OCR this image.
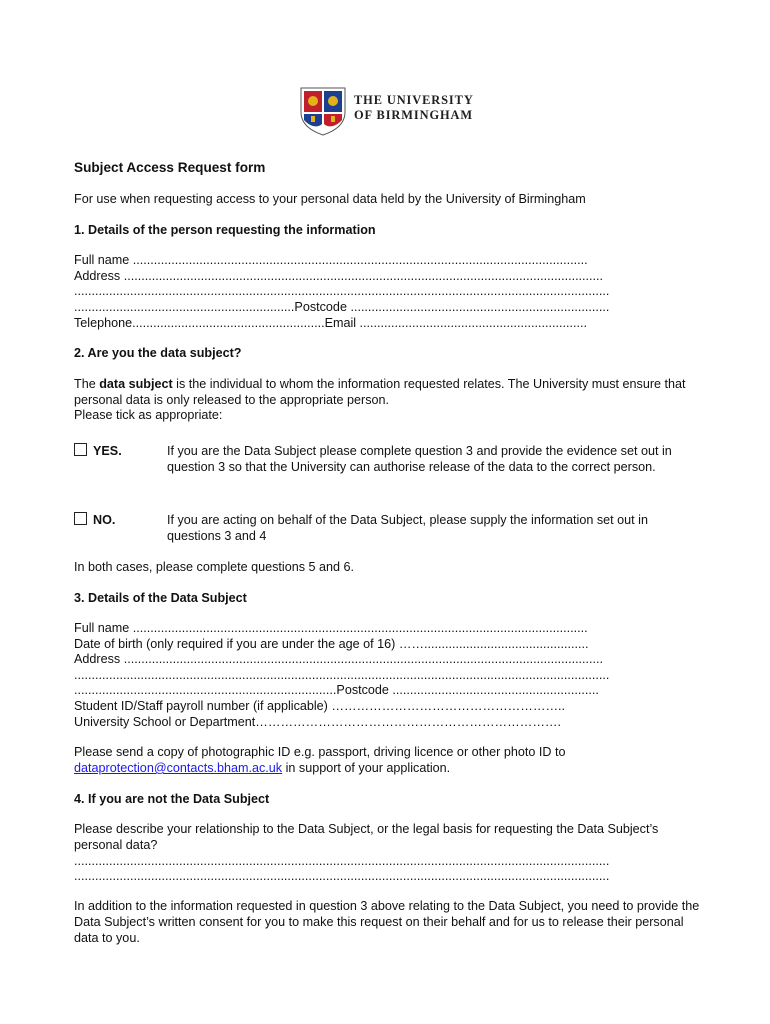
THE UNIVERSITY
OF BIRMINGHAM
Subject Access Request form
For use when requesting access to your personal data held by the University of Birmingham
1. Details of the person requesting the information
Full name ..................................................................................................................................
Address .........................................................................................................................................
.........................................................................................................................................................
...............................................................Postcode ..........................................................................
Telephone.......................................................Email .................................................................
2. Are you the data subject?
The data subject is the individual to whom the information requested relates. The University must ensure that personal data is only released to the appropriate person.
Please tick as appropriate:
YES.	If you are the Data Subject please complete question 3 and provide the evidence set out in question 3 so that the University can authorise release of the data to the correct person.
NO.	If you are acting on behalf of the Data Subject, please supply the information set out in questions 3 and 4
In both cases, please complete questions 5 and 6.
3. Details of the Data Subject
Full name ..................................................................................................................................
Date of birth (only required if you are under the age of 16) ……...............................................
Address .........................................................................................................................................
.........................................................................................................................................................
...........................................................................Postcode ...........................................................
Student ID/Staff payroll number (if applicable) ………………………………………………..
University School or Department……………………………………………………………….
Please send a copy of photographic ID e.g. passport, driving licence or other photo ID to
dataprotection@contacts.bham.ac.uk in support of your application.
4. If you are not the Data Subject
Please describe your relationship to the Data Subject, or the legal basis for requesting the Data Subject’s personal data?
.........................................................................................................................................................
.........................................................................................................................................................
In addition to the information requested in question 3 above relating to the Data Subject, you need to provide the Data Subject’s written consent for you to make this request on their behalf and for us to release their personal data to you.
